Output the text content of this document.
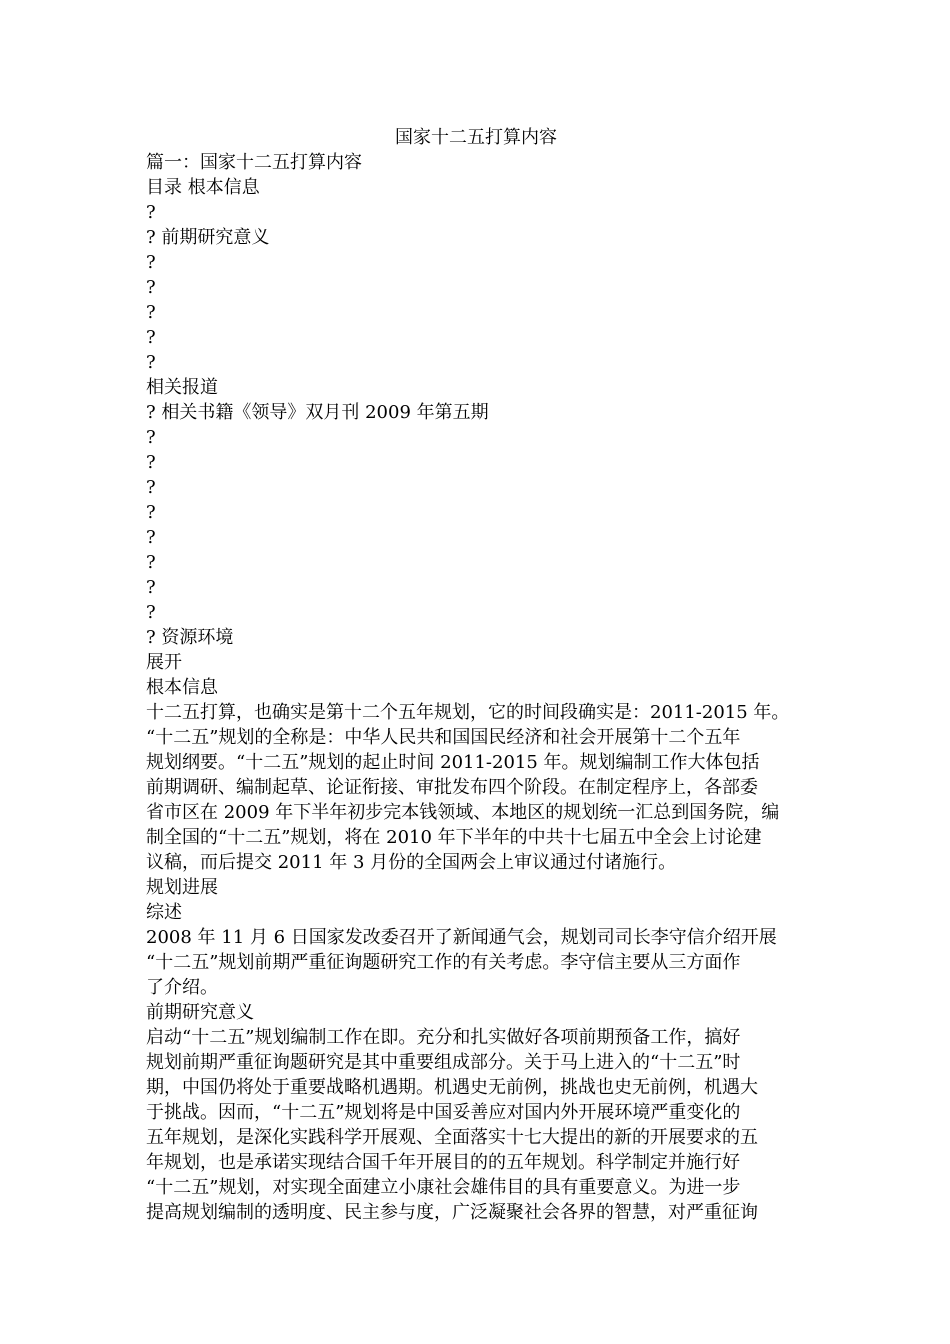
国家十二五打算内容
篇一：国家十二五打算内容
目录 根本信息
?
? 前期研究意义
?
?
?
?
?
相关报道
? 相关书籍《领导》双月刊 2009 年第五期
?
?
?
?
?
?
?
?
? 资源环境
展开
根本信息
十二五打算，也确实是第十二个五年规划，它的时间段确实是：2011-2015 年。
“十二五”规划的全称是：中华人民共和国国民经济和社会开展第十二个五年
规划纲要。“十二五”规划的起止时间 2011-2015 年。规划编制工作大体包括
前期调研、编制起草、论证衔接、审批发布四个阶段。在制定程序上，各部委
省市区在 2009 年下半年初步完本钱领域、本地区的规划统一汇总到国务院，编
制全国的“十二五”规划，将在 2010 年下半年的中共十七届五中全会上讨论建
议稿，而后提交 2011 年 3 月份的全国两会上审议通过付诸施行。
规划进展
综述
2008 年 11 月 6 日国家发改委召开了新闻通气会，规划司司长李守信介绍开展
“十二五”规划前期严重征询题研究工作的有关考虑。李守信主要从三方面作
了介绍。
前期研究意义
启动“十二五”规划编制工作在即。充分和扎实做好各项前期预备工作，搞好
规划前期严重征询题研究是其中重要组成部分。关于马上进入的“十二五”时
期，中国仍将处于重要战略机遇期。机遇史无前例，挑战也史无前例，机遇大
于挑战。因而，“十二五”规划将是中国妥善应对国内外开展环境严重变化的
五年规划，是深化实践科学开展观、全面落实十七大提出的新的开展要求的五
年规划，也是承诺实现结合国千年开展目的的五年规划。科学制定并施行好
“十二五”规划，对实现全面建立小康社会雄伟目的具有重要意义。为进一步
提高规划编制的透明度、民主参与度，广泛凝聚社会各界的智慧，对严重征询
